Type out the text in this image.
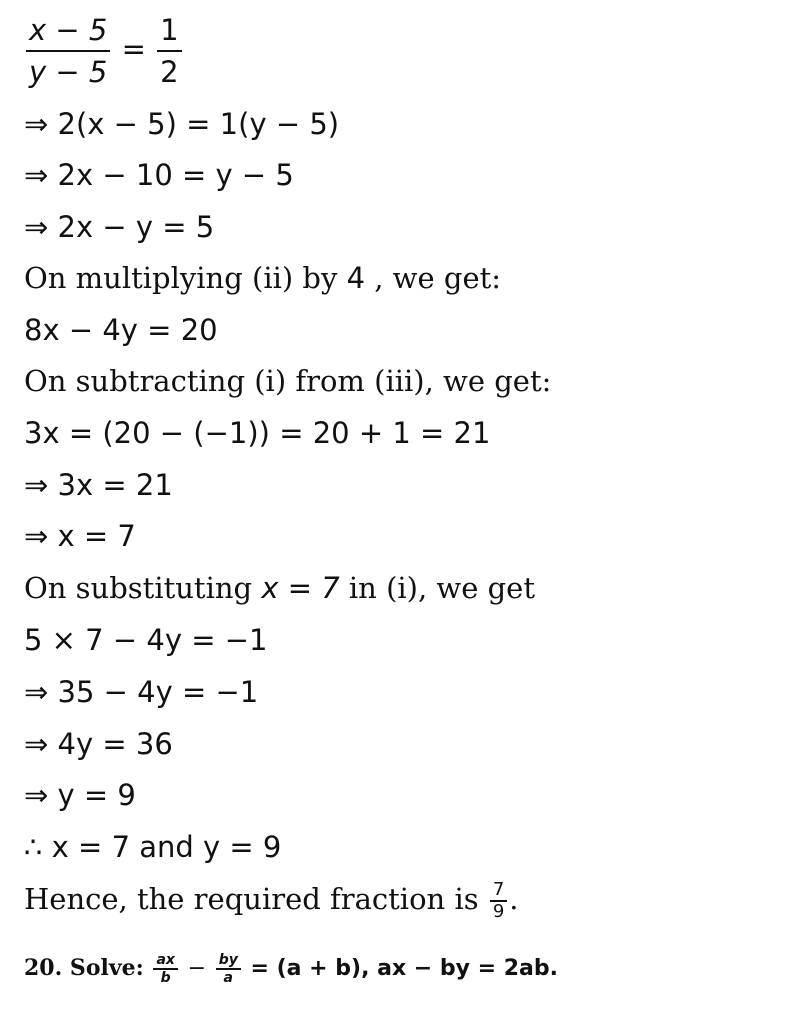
$\frac{x - 5}{y - 5} = \frac{1}{2}$
⇒ 2(x − 5) = 1(y − 5)
⇒ 2x − 10 = y − 5
⇒ 2x − y = 5
On multiplying (ii) by 4 , we get:
8x − 4y = 20
On subtracting (i) from (iii), we get:
3x = (20 − (−1)) = 20 + 1 = 21
⇒ 3x = 21
⇒ x = 7
On substituting x = 7 in (i), we get
5 × 7 − 4y = −1
⇒ 35 − 4y = −1
⇒ 4y = 36
⇒ y = 9
∴ x = 7 and y = 9
Hence, the required fraction is $\frac{7}{9}$ .
20. Solve: $\frac{ax}{b} - \frac{by}{a} = (a + b)$, ax − by = 2ab.
